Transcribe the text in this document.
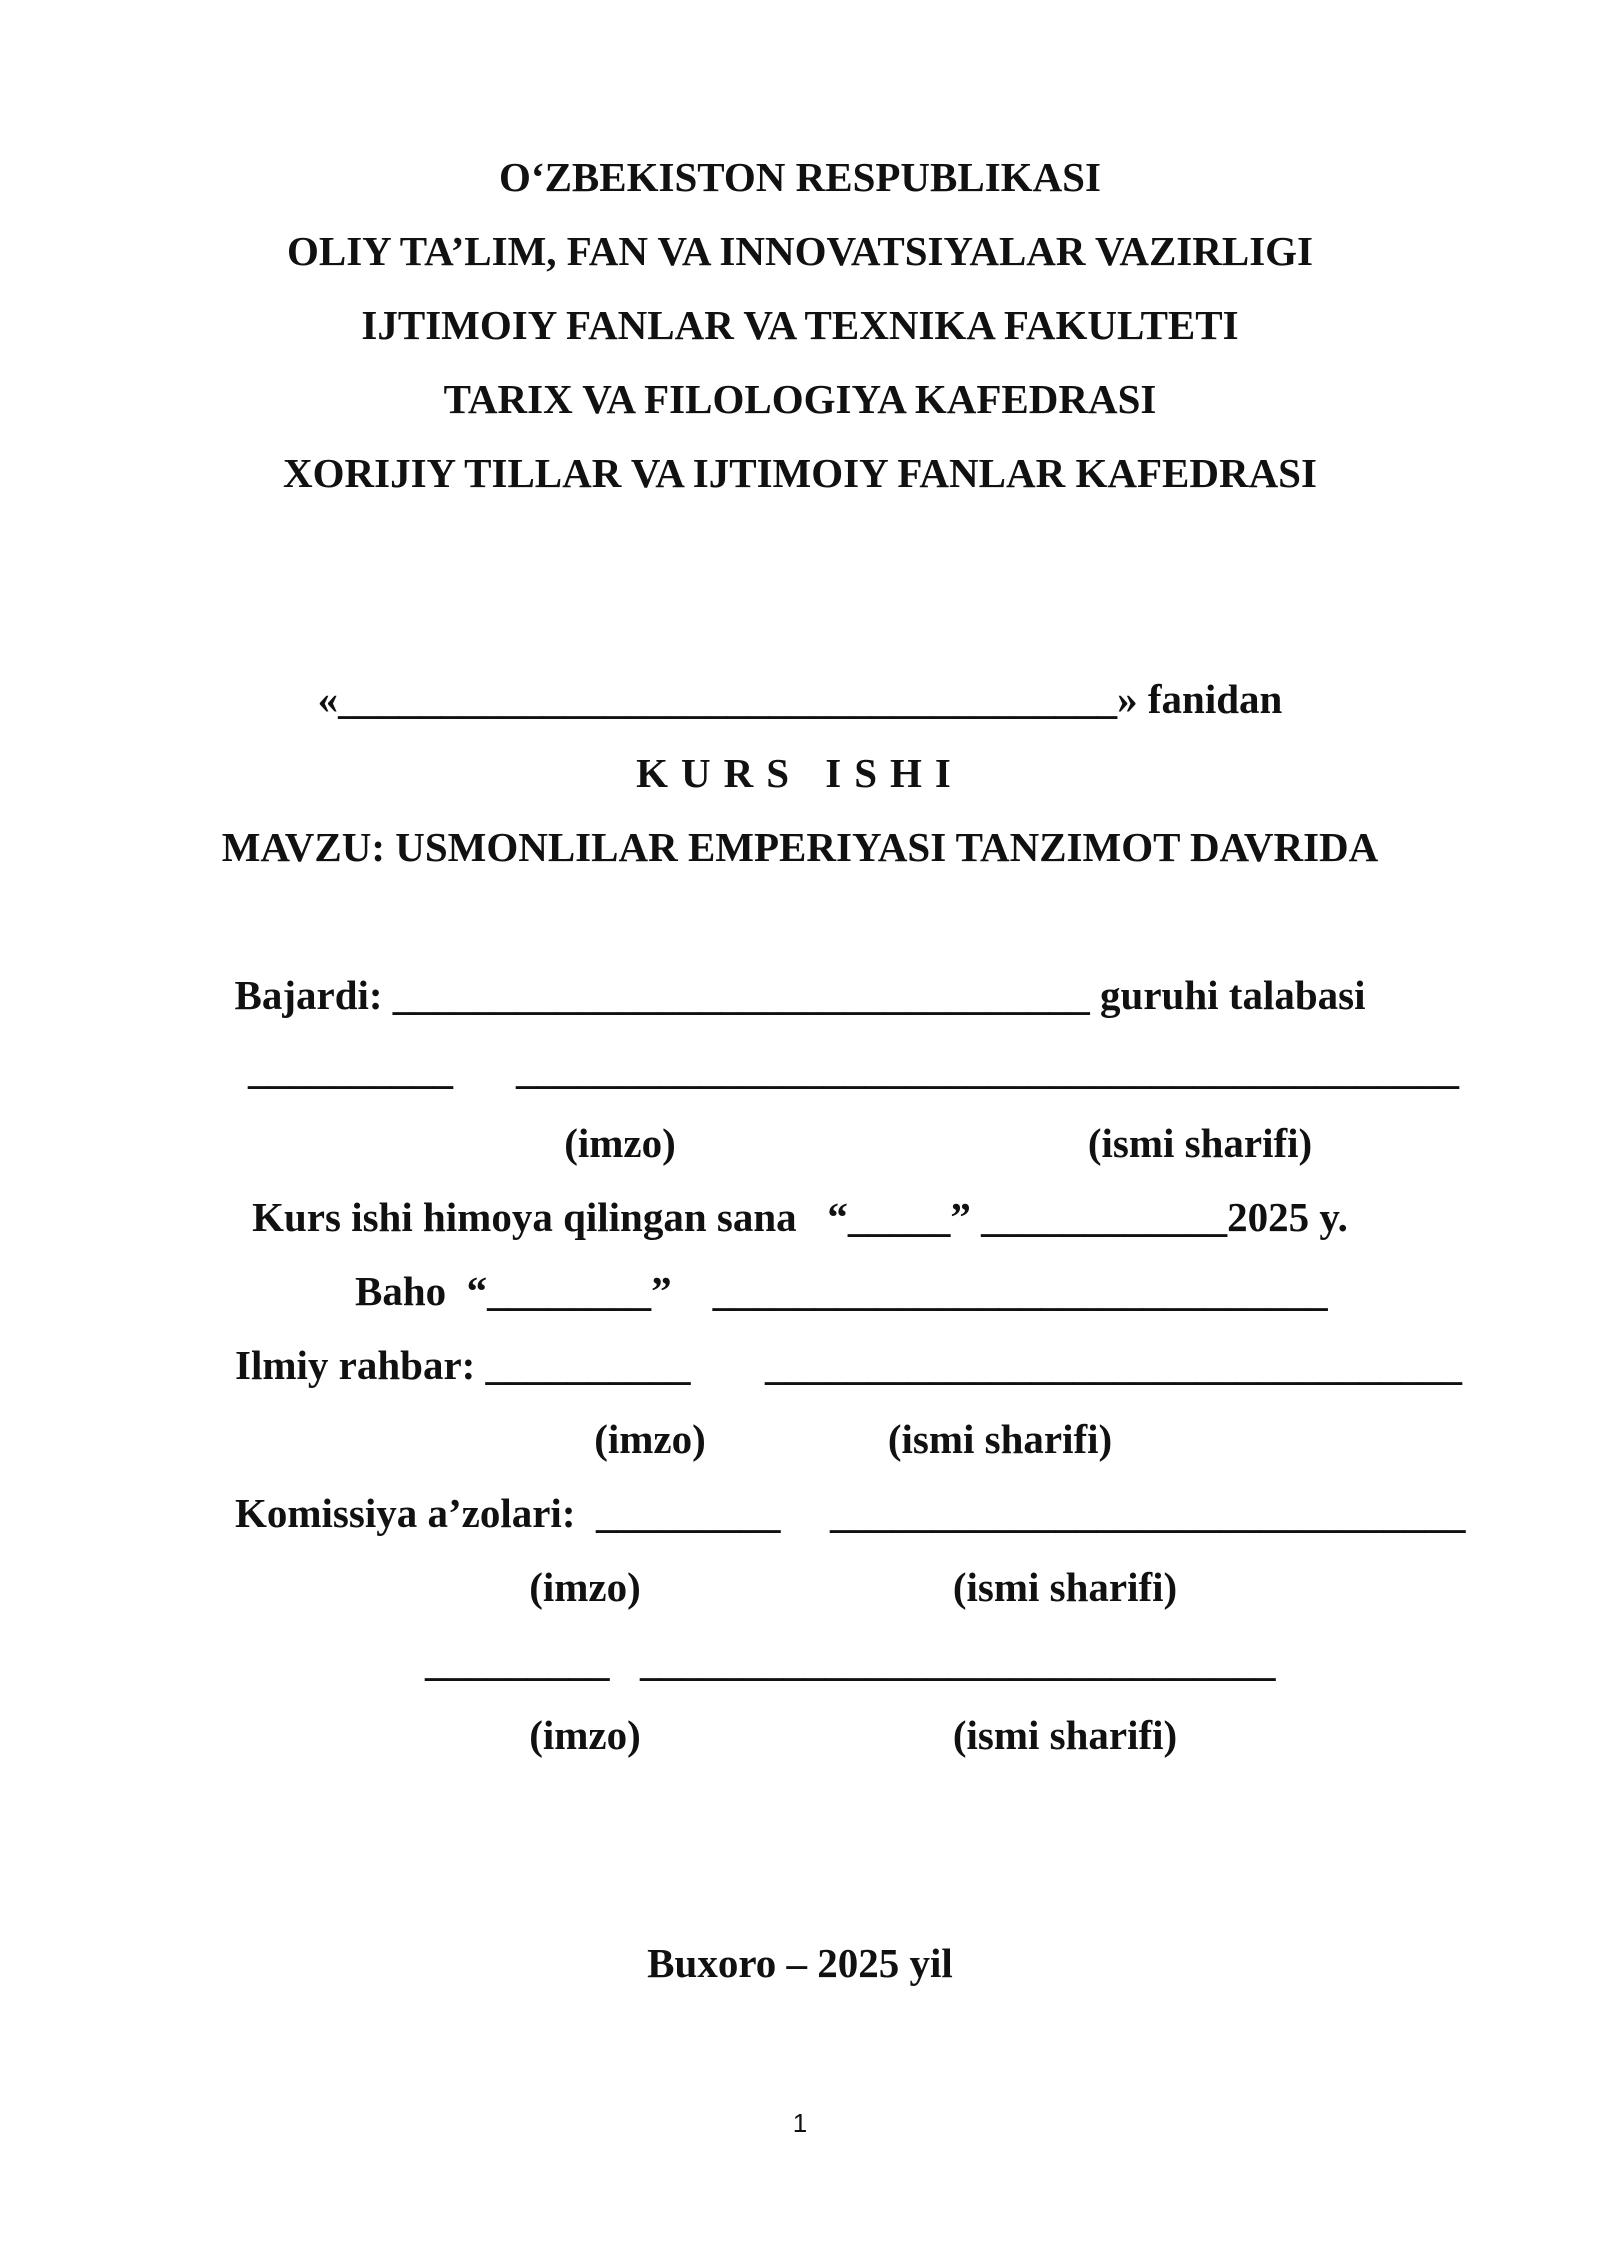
O‘ZBEKISTON RESPUBLIKASI
OLIY TA’LIM, FAN VA INNOVATSIYALAR VAZIRLIGI
IJTIMOIY FANLAR VA TEXNIKA FAKULTETI
TARIX VA FILOLOGIYA KAFEDRASI
XORIJIY TILLAR VA IJTIMOIY FANLAR KAFEDRASI
«______________________________________» fanidan
KURS ISHI
MAVZU: USMONLILAR EMPERIYASI TANZIMOT DAVRIDA
Bajardi: __________________________________ guruhi talabasi
__________ ______________________________________________
(imzo)	(ismi sharifi)
Kurs ishi himoya qilingan sana   “_____” ____________2025 y.
Baho  “________”    ______________________________
Ilmiy rahbar: __________ __________________________________
(imzo)	(ismi sharifi)
Komissiya a’zolari:  _________ _______________________________
(imzo)	(ismi sharifi)
_________ _______________________________
(imzo)	(ismi sharifi)
Buxoro – 2025 yil
1
